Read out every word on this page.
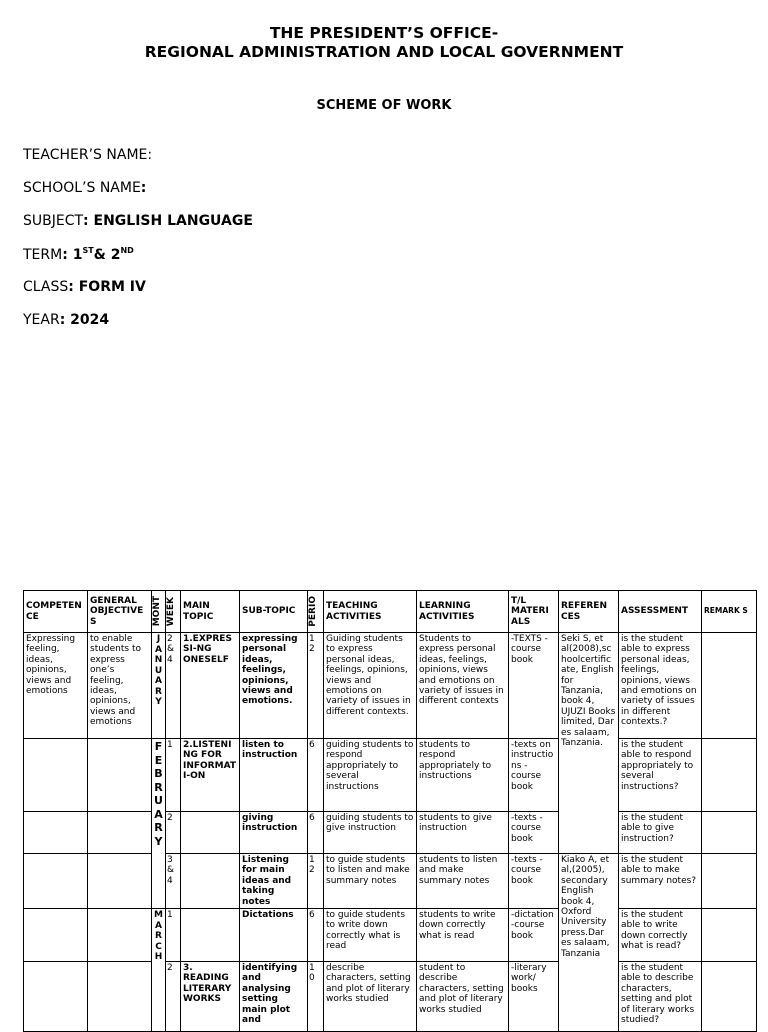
THE PRESIDENT’S OFFICE-
REGIONAL ADMINISTRATION AND LOCAL GOVERNMENT
SCHEME OF WORK
TEACHER’S NAME:
SCHOOL’S NAME:
SUBJECT: ENGLISH LANGUAGE
TERM: 1ST& 2ND
CLASS: FORM IV
YEAR: 2024
COMPETEN CE	GENERAL OBJECTIVE S	MONT	WEEK	MAIN TOPIC	SUB-TOPIC	PERIO	TEACHING ACTIVITIES	LEARNING ACTIVITIES	T/L MATERI ALS	REFEREN CES	ASSESSMENT	REMARK S
Expressing feeling, ideas, opinions, views and emotions	to enable students to express one’s feeling, ideas, opinions, views and emotions	J A N U A R Y	2 & 4	1.EXPRES SI-NG ONESELF	expressing personal ideas, feelings, opinions, views and emotions.	1 2	Guiding students to express personal ideas, feelings, opinions, views and emotions on variety of issues in different contexts.	Students to express personal ideas, feelings, opinions, views and emotions on variety of issues in different contexts	-TEXTS -course book	Seki S, et al(2008),schoolcertificate, English for Tanzania, book 4, UJUZI Books limited, Dar es salaam, Tanzania.	is the student able to express personal ideas, feelings, opinions, views and emotions on variety of issues in different contexts.?	

		F E B R U A R Y	1	2.LISTENI NG FOR INFORMAT I-ON	listen to instruction	6	guiding students to respond appropriately to several instructions	students to respond appropriately to instructions	-texts on instructio ns -course book		is the student able to respond appropriately to several instructions?	
			2		giving instruction	6	guiding students to give instruction	students to give instruction	-texts -course book		is the student able to give instruction?	
			3 & 4		Listening for main ideas and taking notes	1 2	to guide students to listen and make summary notes	students to listen and make summary notes	-texts -course book	Kiako A, et al,(2005), secondary English book 4, Oxford University press.Dar es salaam, Tanzania	is the student able to make summary notes?	

		M A R C H	1		Dictations	6	to guide students to write down correctly what is read	students to write down correctly what is read	-dictation -course book		is the student able to write down correctly what is read?	
			2	3. READING LITERARY WORKS	identifying and analysing setting main plot and	1 0	describe characters, setting and plot of literary works studied	student to describe characters, setting and plot of literary works studied	-literary work/ books		is the student able to describe characters, setting and plot of literary works studied?	
